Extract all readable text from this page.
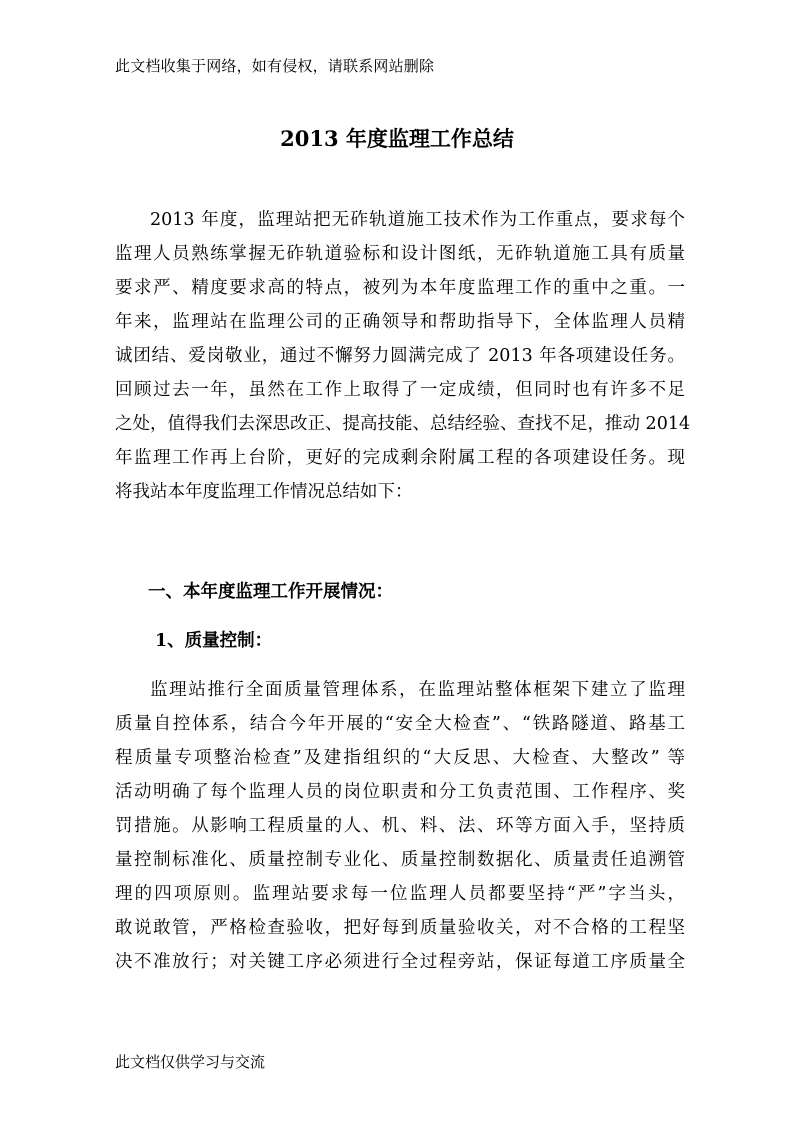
此文档收集于网络，如有侵权，请联系网站删除
2013 年度监理工作总结
2013 年度，监理站把无砟轨道施工技术作为工作重点，要求每个
监理人员熟练掌握无砟轨道验标和设计图纸，无砟轨道施工具有质量
要求严、精度要求高的特点，被列为本年度监理工作的重中之重。一
年来，监理站在监理公司的正确领导和帮助指导下，全体监理人员精
诚团结、爱岗敬业，通过不懈努力圆满完成了 2013 年各项建设任务。
回顾过去一年，虽然在工作上取得了一定成绩，但同时也有许多不足
之处，值得我们去深思改正、提高技能、总结经验、查找不足，推动 2014
年监理工作再上台阶，更好的完成剩余附属工程的各项建设任务。现
将我站本年度监理工作情况总结如下：
一、本年度监理工作开展情况：
1、质量控制：
监理站推行全面质量管理体系，在监理站整体框架下建立了监理
质量自控体系，结合今年开展的“安全大检查”、“铁路隧道、路基工
程质量专项整治检查”及建指组织的“大反思、大检查、大整改” 等
活动明确了每个监理人员的岗位职责和分工负责范围、工作程序、奖
罚措施。从影响工程质量的人、机、料、法、环等方面入手，坚持质
量控制标准化、质量控制专业化、质量控制数据化、质量责任追溯管
理的四项原则。监理站要求每一位监理人员都要坚持“严”字当头，
敢说敢管，严格检查验收，把好每到质量验收关，对不合格的工程坚
决不准放行；对关键工序必须进行全过程旁站，保证每道工序质量全
此文档仅供学习与交流
